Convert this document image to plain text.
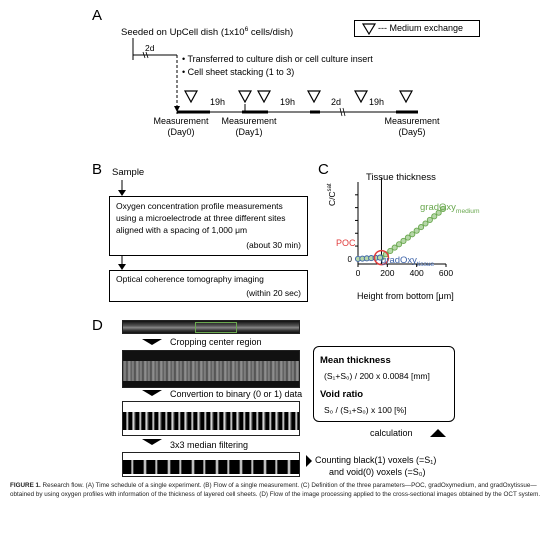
A
Seeded on UpCell dish ($1x10^6$ cells/dish)	--- Medium exchange
2d
• Transferred to culture dish or cell culture insert
• Cell sheet stacking (1 to 3)
19h	19h	2d	19h
Measurement
(Day0)
Measurement
(Day1)
Measurement
(Day5)
B Sample
Oxygen concentration profile measurements
using a microelectrode at three different sites
aligned with a spacing of 1,000 μm
(about 30 min)
Optical coherence tomography imaging
(within 20 sec)
C	Tissue thickness
$C/C^{sat}$
0
0 200 400 600
Height from bottom [μm]
POC
gradOxy$_{medium}$
gradOxy$_{tissue}$
D
Cropping center region
Convertion to binary (0 or 1) data
3x3 median filtering
Mean thickness
(S₁+S₀) / 200 x 0.0084 [mm]
Void ratio
S₀ / (S₁+S₀) x 100 [%]
calculation
Counting black(1) voxels (=S₁)
and void(0) voxels (=S₀)
FIGURE 1. Research flow. (A) Time schedule of a single experiment. (B) Flow of a single measurement. (C) Definition of the three parameters—POC, gradOxymedium, and gradOxytissue—obtained by using oxygen profiles with information of the thickness of layered cell sheets. (D) Flow of the image processing applied to the cross-sectional images obtained by the OCT system.
